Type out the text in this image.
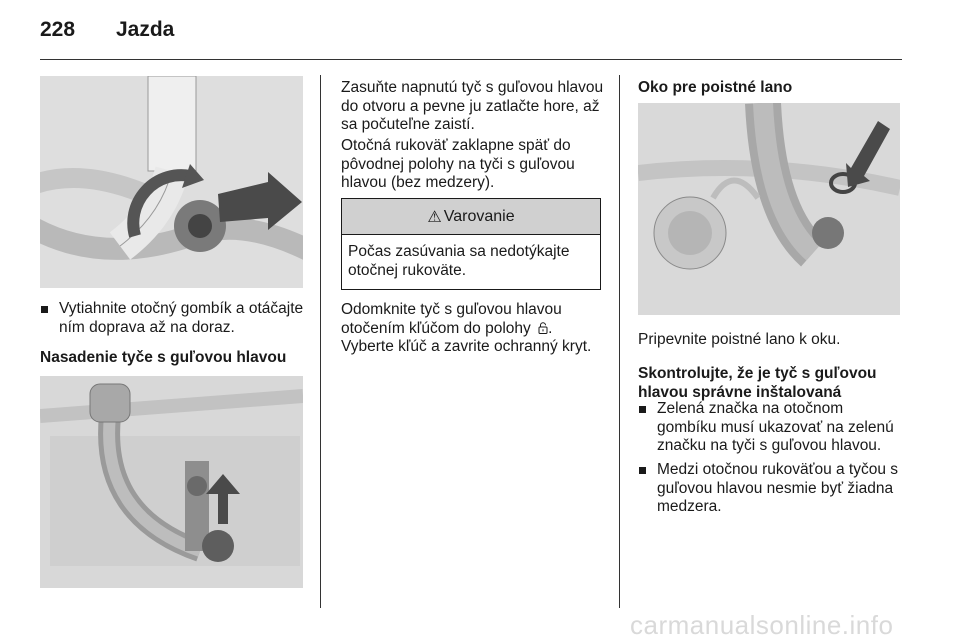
228 Jazda
Vytiahnite otočný gombík a otáčajte ním doprava až na doraz.
Nasadenie tyče s guľovou hlavou
Zasuňte napnutú tyč s guľovou hlavou do otvoru a pevne ju zatlačte hore, až sa počuteľne zaistí.
Otočná rukoväť zaklapne späť do pôvodnej polohy na tyči s guľovou hlavou (bez medzery).
⚠ Varovanie
Počas zasúvania sa nedotýkajte otočnej rukoväte.
Odomknite tyč s guľovou hlavou otočením kľúčom do polohy .
Vyberte kľúč a zavrite ochranný kryt.
Oko pre poistné lano
Pripevnite poistné lano k oku.
Skontrolujte, že je tyč s guľovou hlavou správne inštalovaná
Zelená značka na otočnom gombíku musí ukazovať na zelenú značku na tyči s guľovou hlavou.
Medzi otočnou rukoväťou a tyčou s guľovou hlavou nesmie byť žiadna medzera.
carmanualsonline.info
